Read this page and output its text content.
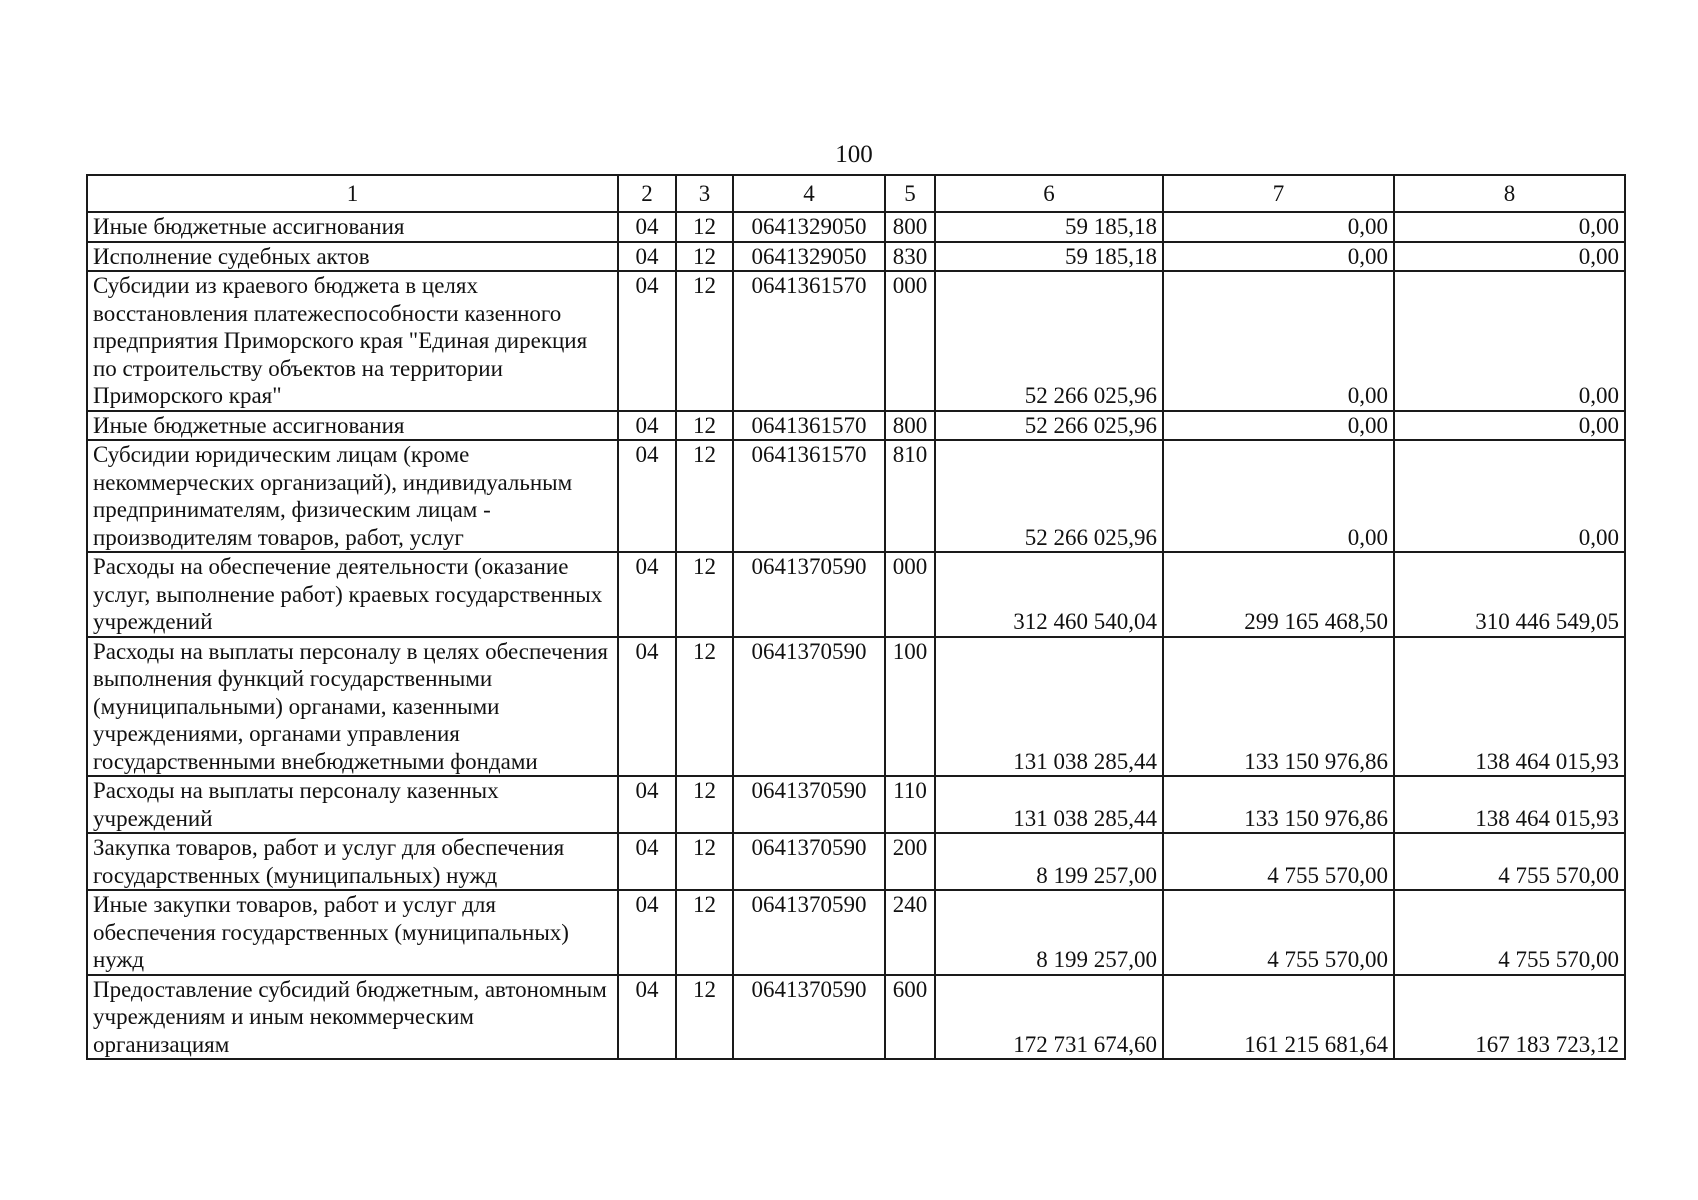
100
1	2	3	4	5	6	7	8
Иные бюджетные ассигнования	04	12	0641329050	800	59 185,18	0,00	0,00
Исполнение судебных актов	04	12	0641329050	830	59 185,18	0,00	0,00
Субсидии из краевого бюджета в целях восстановления платежеспособности казенного предприятия Приморского края "Единая дирекция по строительству объектов на территории Приморского края"	04	12	0641361570	000	52 266 025,96	0,00	0,00
Иные бюджетные ассигнования	04	12	0641361570	800	52 266 025,96	0,00	0,00
Субсидии юридическим лицам (кроме некоммерческих организаций), индивидуальным предпринимателям, физическим лицам - производителям товаров, работ, услуг	04	12	0641361570	810	52 266 025,96	0,00	0,00
Расходы на обеспечение деятельности (оказание услуг, выполнение работ) краевых государственных учреждений	04	12	0641370590	000	312 460 540,04	299 165 468,50	310 446 549,05
Расходы на выплаты персоналу в целях обеспечения выполнения функций государственными (муниципальными) органами, казенными учреждениями, органами управления государственными внебюджетными фондами	04	12	0641370590	100	131 038 285,44	133 150 976,86	138 464 015,93
Расходы на выплаты персоналу казенных учреждений	04	12	0641370590	110	131 038 285,44	133 150 976,86	138 464 015,93
Закупка товаров, работ и услуг для обеспечения государственных (муниципальных) нужд	04	12	0641370590	200	8 199 257,00	4 755 570,00	4 755 570,00
Иные закупки товаров, работ и услуг для обеспечения государственных (муниципальных) нужд	04	12	0641370590	240	8 199 257,00	4 755 570,00	4 755 570,00
Предоставление субсидий бюджетным, автономным учреждениям и иным некоммерческим организациям	04	12	0641370590	600	172 731 674,60	161 215 681,64	167 183 723,12
